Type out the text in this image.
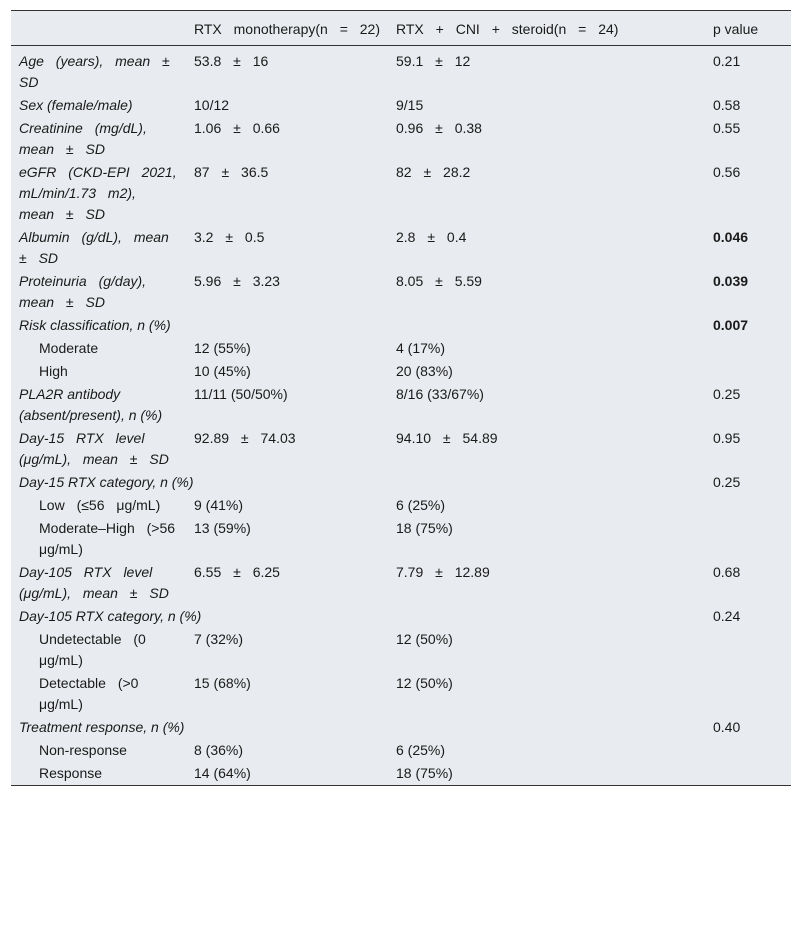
	RTX monotherapy(n = 22)	RTX + CNI + steroid(n = 24)	p value
Age (years), mean ± SD	53.8 ± 16	59.1 ± 12	0.21
Sex (female/male)	10/12	9/15	0.58
Creatinine (mg/dL), mean ± SD	1.06 ± 0.66	0.96 ± 0.38	0.55
eGFR (CKD-EPI 2021, mL/min/1.73 m2), mean ± SD	87 ± 36.5	82 ± 28.2	0.56
Albumin (g/dL), mean ± SD	3.2 ± 0.5	2.8 ± 0.4	0.046
Proteinuria (g/day), mean ± SD	5.96 ± 3.23	8.05 ± 5.59	0.039
Risk classification, n (%)			0.007
Moderate	12 (55%)	4 (17%)	
High	10 (45%)	20 (83%)	
PLA2R antibody (absent/present), n (%)	11/11 (50/50%)	8/16 (33/67%)	0.25
Day-15 RTX level (μg/mL), mean ± SD	92.89 ± 74.03	94.10 ± 54.89	0.95
Day-15 RTX category, n (%)			0.25
Low (≤56 μg/mL)	9 (41%)	6 (25%)	
Moderate–High (>56 μg/mL)	13 (59%)	18 (75%)	
Day-105 RTX level (μg/mL), mean ± SD	6.55 ± 6.25	7.79 ± 12.89	0.68
Day-105 RTX category, n (%)			0.24
Undetectable (0 μg/mL)	7 (32%)	12 (50%)	
Detectable (>0 μg/mL)	15 (68%)	12 (50%)	
Treatment response, n (%)			0.40
Non-response	8 (36%)	6 (25%)	
Response	14 (64%)	18 (75%)	
